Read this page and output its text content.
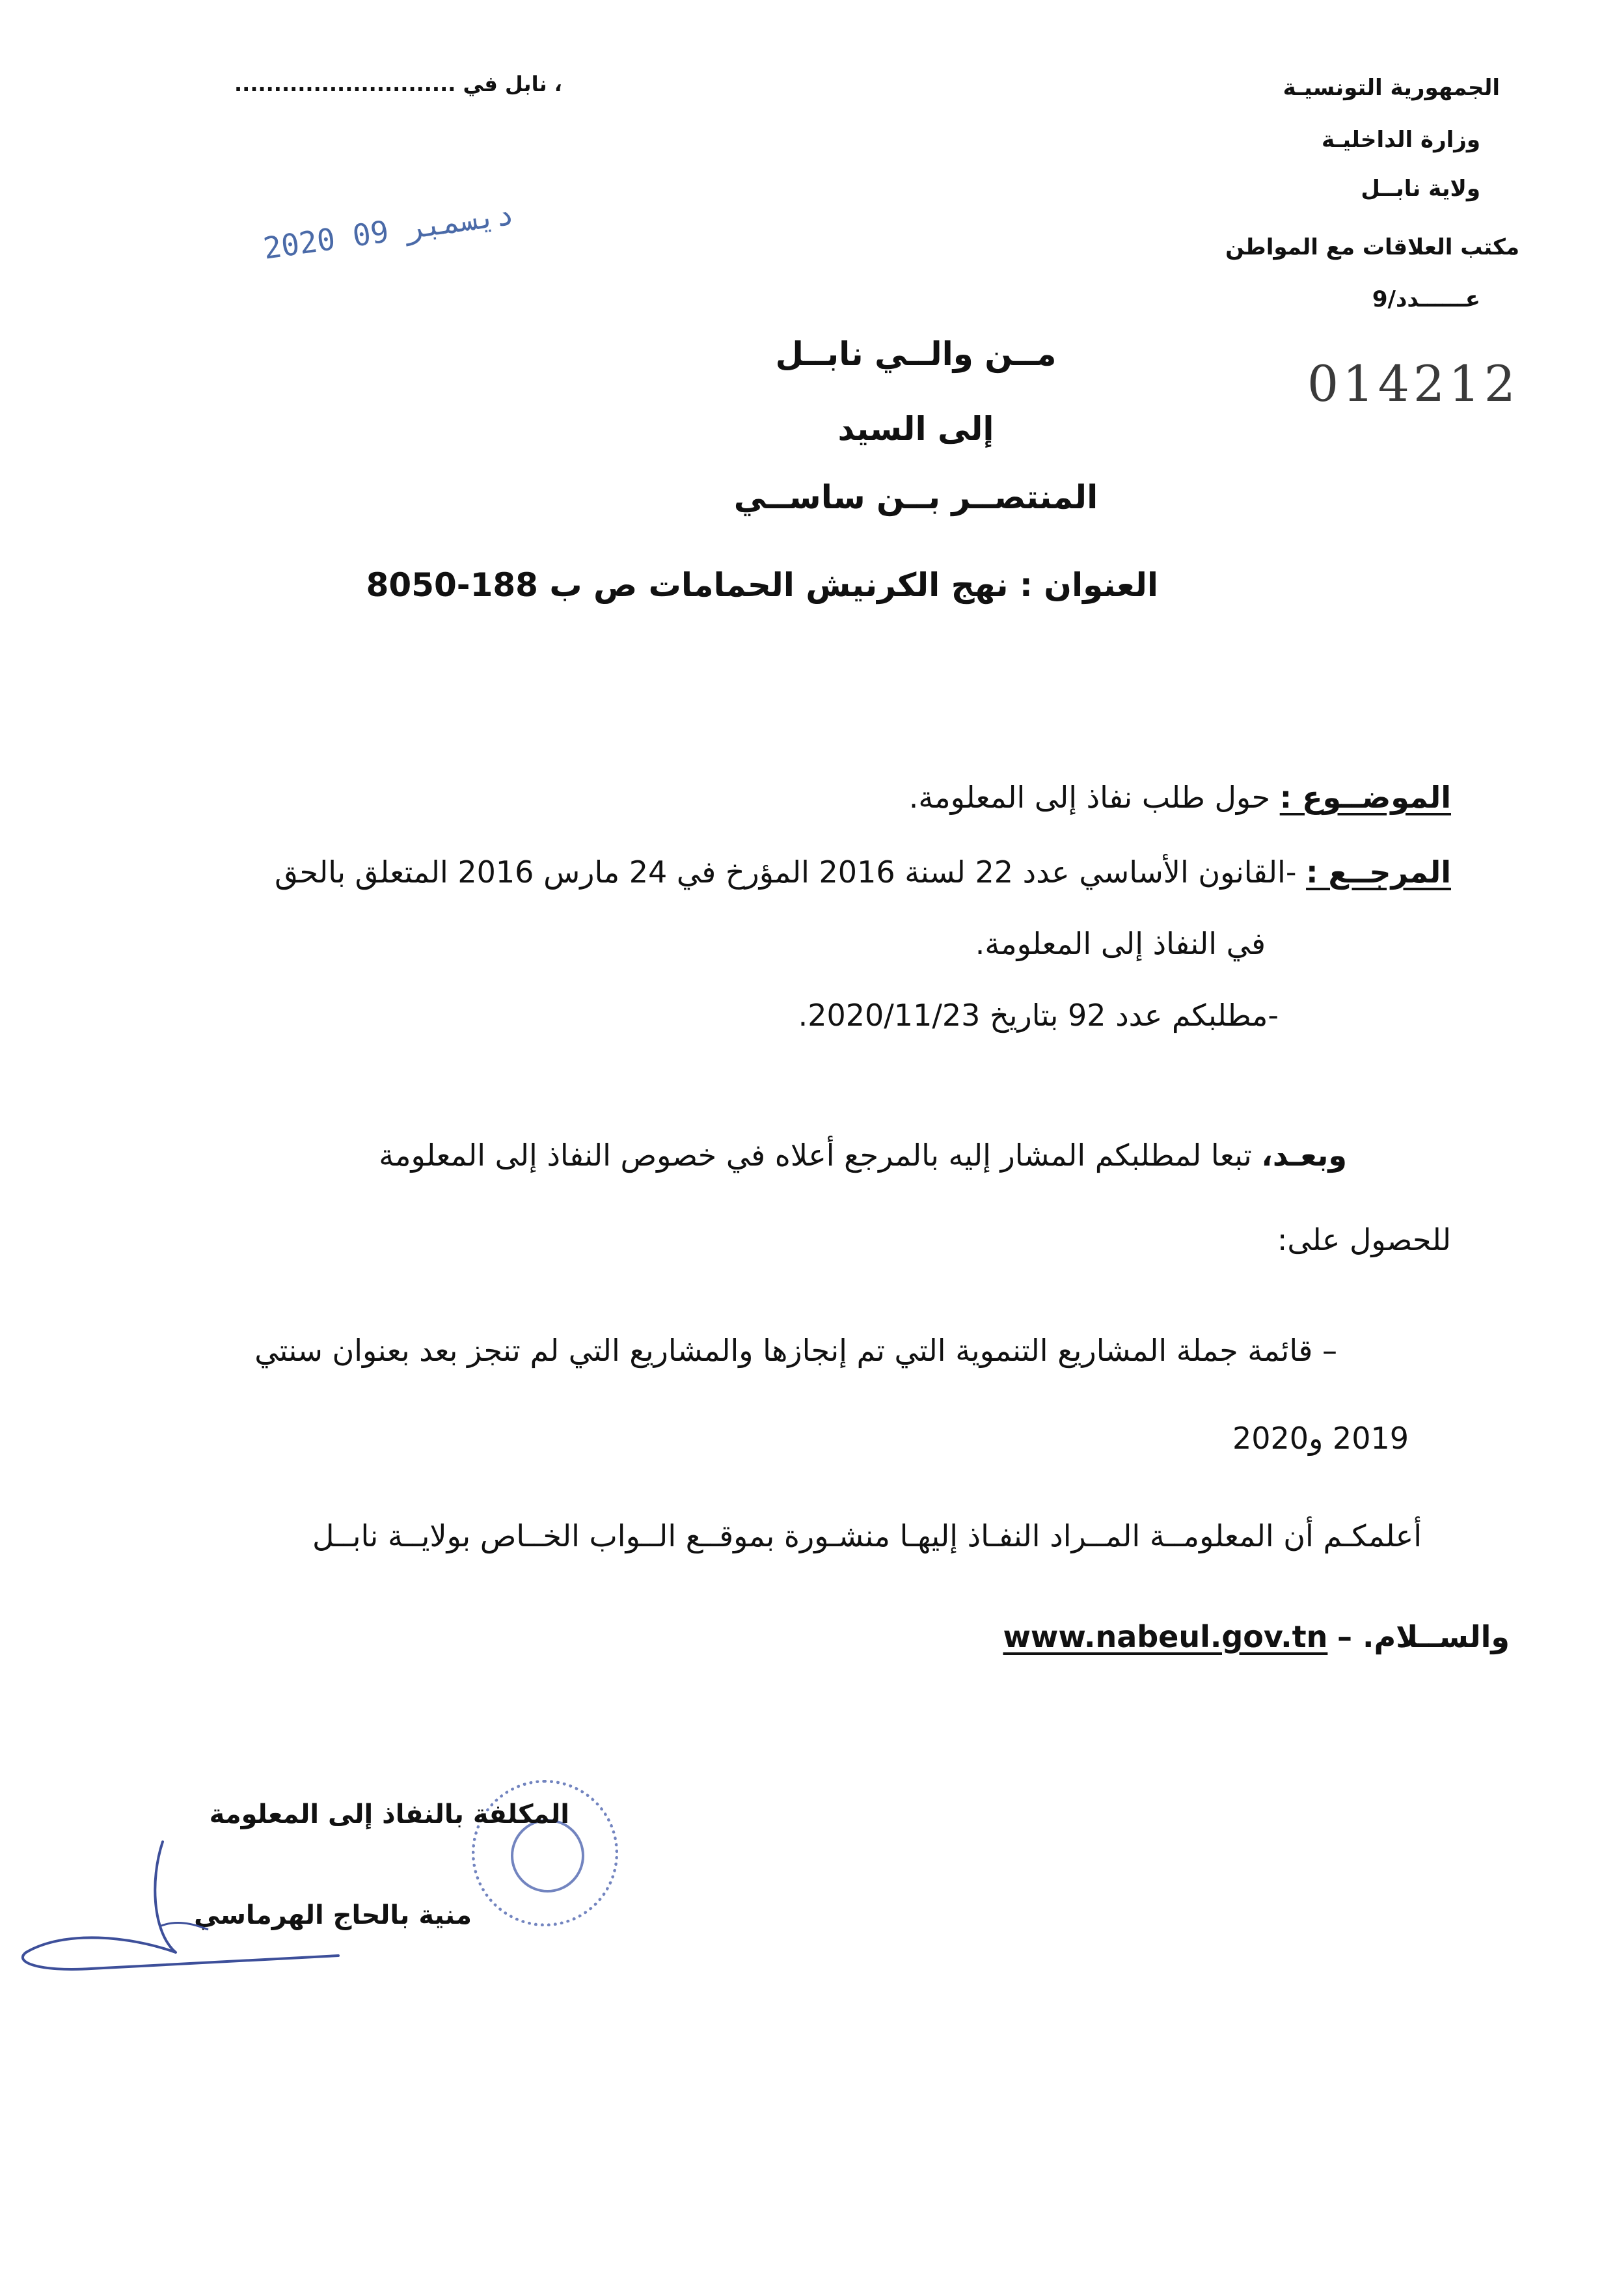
الجمهورية التونسيـة
وزارة الداخليـة
ولاية نابــل
مكتب العلاقات مع المواطن
عــــــدد/9
014212
............................ نابل في ،
2020 ديسمبر 09
مــن والــي نابــل
إلى السيد
المنتصــر بــن ساســي
العنوان : نهج الكرنيش الحمامات ص ب 188-8050
الموضــوع : حول طلب نفاذ إلى المعلومة.
المرجــع : -القانون الأساسي عدد 22 لسنة 2016 المؤرخ في 24 مارس 2016 المتعلق بالحق
في النفاذ إلى المعلومة.
-مطلبكم عدد 92 بتاريخ 2020/11/23.
وبعـد، تبعا لمطلبكم المشار إليه بالمرجع أعلاه في خصوص النفاذ إلى المعلومة
للحصول على:
– قائمة جملة المشاريع التنموية التي تم إنجازها والمشاريع التي لم تنجز بعد بعنوان سنتي
2019 و2020
أعلمكـم أن المعلومــة المــراد النفـاذ إليهـا منشـورة بموقــع الــواب الخــاص بولايــة نابــل
والســلام. – www.nabeul.gov.tn
المكلفة بالنفاذ إلى المعلومة
منية بالحاج الهرماسي
